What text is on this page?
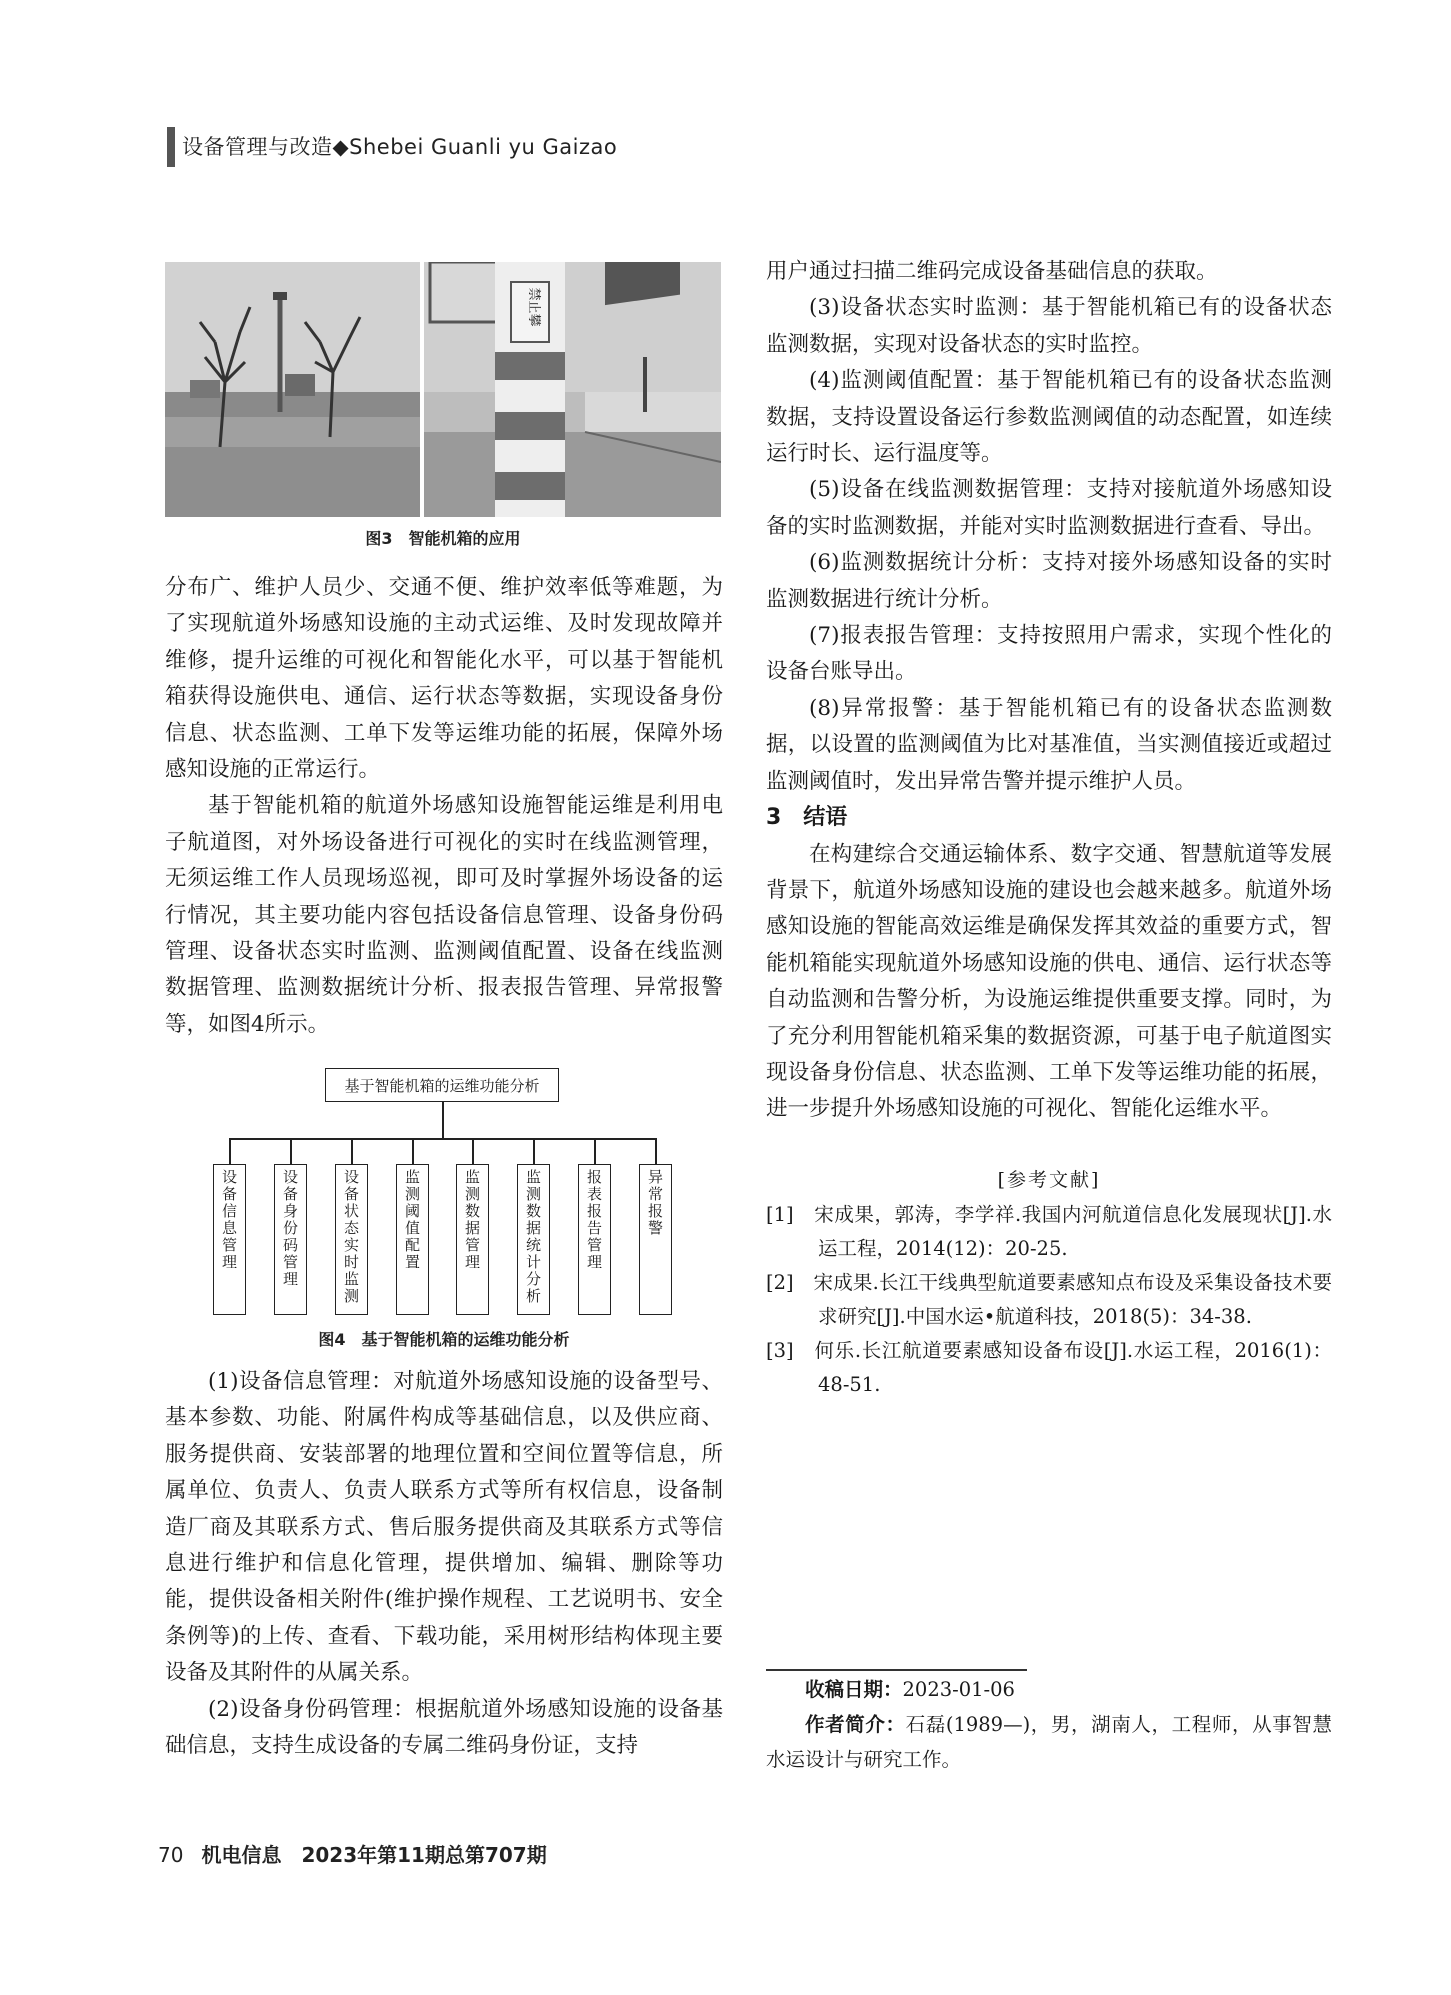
设备管理与改造◆Shebei Guanli yu Gaizao
禁止攀
图3　智能机箱的应用

分布广、维护人员少、交通不便、维护效率低等难题，为了实现航道外场感知设施的主动式运维、及时发现故障并维修，提升运维的可视化和智能化水平，可以基于智能机箱获得设施供电、通信、运行状态等数据，实现设备身份信息、状态监测、工单下发等运维功能的拓展，保障外场感知设施的正常运行。

基于智能机箱的航道外场感知设施智能运维是利用电子航道图，对外场设备进行可视化的实时在线监测管理，无须运维工作人员现场巡视，即可及时掌握外场设备的运行情况，其主要功能内容包括设备信息管理、设备身份码管理、设备状态实时监测、监测阈值配置、设备在线监测数据管理、监测数据统计分析、报表报告管理、异常报警等，如图4所示。

基于智能机箱的运维功能分析
设备信息管理
设备身份码管理
设备状态实时监测
监测阈值配置
监测数据管理
监测数据统计分析
报表报告管理
异常报警
图4　基于智能机箱的运维功能分析

(1)设备信息管理：对航道外场感知设施的设备型号、基本参数、功能、附属件构成等基础信息，以及供应商、服务提供商、安装部署的地理位置和空间位置等信息，所属单位、负责人、负责人联系方式等所有权信息，设备制造厂商及其联系方式、售后服务提供商及其联系方式等信息进行维护和信息化管理，提供增加、编辑、删除等功能，提供设备相关附件(维护操作规程、工艺说明书、安全条例等)的上传、查看、下载功能，采用树形结构体现主要设备及其附件的从属关系。

(2)设备身份码管理：根据航道外场感知设施的设备基础信息，支持生成设备的专属二维码身份证，支持

用户通过扫描二维码完成设备基础信息的获取。

(3)设备状态实时监测：基于智能机箱已有的设备状态监测数据，实现对设备状态的实时监控。

(4)监测阈值配置：基于智能机箱已有的设备状态监测数据，支持设置设备运行参数监测阈值的动态配置，如连续运行时长、运行温度等。

(5)设备在线监测数据管理：支持对接航道外场感知设备的实时监测数据，并能对实时监测数据进行查看、导出。

(6)监测数据统计分析：支持对接外场感知设备的实时监测数据进行统计分析。

(7)报表报告管理：支持按照用户需求，实现个性化的设备台账导出。

(8)异常报警：基于智能机箱已有的设备状态监测数据，以设置的监测阈值为比对基准值，当实测值接近或超过监测阈值时，发出异常告警并提示维护人员。

3　结语

在构建综合交通运输体系、数字交通、智慧航道等发展背景下，航道外场感知设施的建设也会越来越多。航道外场感知设施的智能高效运维是确保发挥其效益的重要方式，智能机箱能实现航道外场感知设施的供电、通信、运行状态等自动监测和告警分析，为设施运维提供重要支撑。同时，为了充分利用智能机箱采集的数据资源，可基于电子航道图实现设备身份信息、状态监测、工单下发等运维功能的拓展，进一步提升外场感知设施的可视化、智能化运维水平。

[参考文献]

[1]　宋成果，郭涛，李学祥.我国内河航道信息化发展现状[J].水运工程，2014(12)：20-25.

[2]　宋成果.长江干线典型航道要素感知点布设及采集设备技术要求研究[J].中国水运•航道科技，2018(5)：34-38.

[3]　何乐.长江航道要素感知设备布设[J].水运工程，2016(1)：48-51.

收稿日期：2023-01-06

作者简介：石磊(1989—)，男，湖南人，工程师，从事智慧水运设计与研究工作。

70 机电信息　2023年第11期总第707期
